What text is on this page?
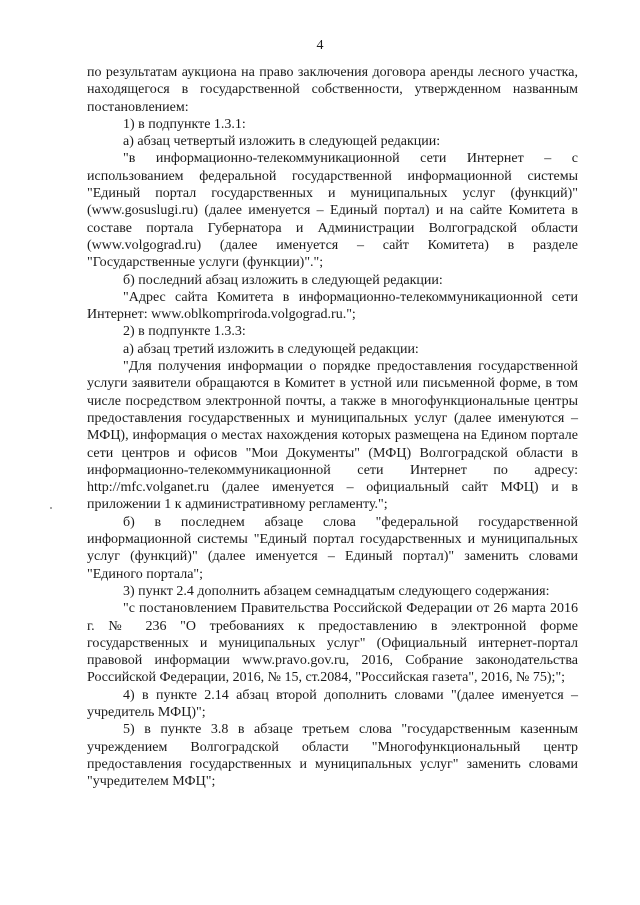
4

по результатам аукциона на право заключения договора аренды лесного участка, находящегося в государственной собственности, утвержденном названным постановлением:

1) в подпункте 1.3.1:

а) абзац четвертый изложить в следующей редакции:

"в информационно-телекоммуникационной сети Интернет – с использованием федеральной государственной информационной системы "Единый портал государственных и муниципальных услуг (функций)" (www.gosuslugi.ru) (далее именуется – Единый портал) и на сайте Комитета в составе портала Губернатора и Администрации Волгоградской области (www.volgograd.ru) (далее именуется – сайт Комитета) в разделе "Государственные услуги (функции)".";

б) последний абзац изложить в следующей редакции:

"Адрес сайта Комитета в информационно-телекоммуникационной сети Интернет: www.oblkompriroda.volgograd.ru.";

2) в подпункте 1.3.3:

а) абзац третий изложить в следующей редакции:

"Для получения информации о порядке предоставления государственной услуги заявители обращаются в Комитет в устной или письменной форме, в том числе посредством электронной почты, а также в многофункциональные центры предоставления государственных и муниципальных услуг (далее именуются – МФЦ), информация о местах нахождения которых размещена на Едином портале сети центров и офисов "Мои Документы" (МФЦ) Волгоградской области в информационно-телекоммуникационной сети Интернет по адресу: http://mfc.volganet.ru (далее именуется – официальный сайт МФЦ) и в приложении 1 к административному регламенту.";

б) в последнем абзаце слова "федеральной государственной информационной системы "Единый портал государственных и муниципальных услуг (функций)" (далее именуется – Единый портал)" заменить словами "Единого портала";

3) пункт 2.4 дополнить абзацем семнадцатым следующего содержания:

"с постановлением Правительства Российской Федерации от 26 марта 2016 г. № 236 "О требованиях к предоставлению в электронной форме государственных и муниципальных услуг" (Официальный интернет-портал правовой информации www.pravo.gov.ru, 2016, Собрание законодательства Российской Федерации, 2016, № 15, ст.2084, "Российская газета", 2016, № 75);";

4) в пункте 2.14 абзац второй дополнить словами "(далее именуется – учредитель МФЦ)";

5) в пункте 3.8 в абзаце третьем слова "государственным казенным учреждением Волгоградской области "Многофункциональный центр предоставления государственных и муниципальных услуг" заменить словами "учредителем МФЦ";
